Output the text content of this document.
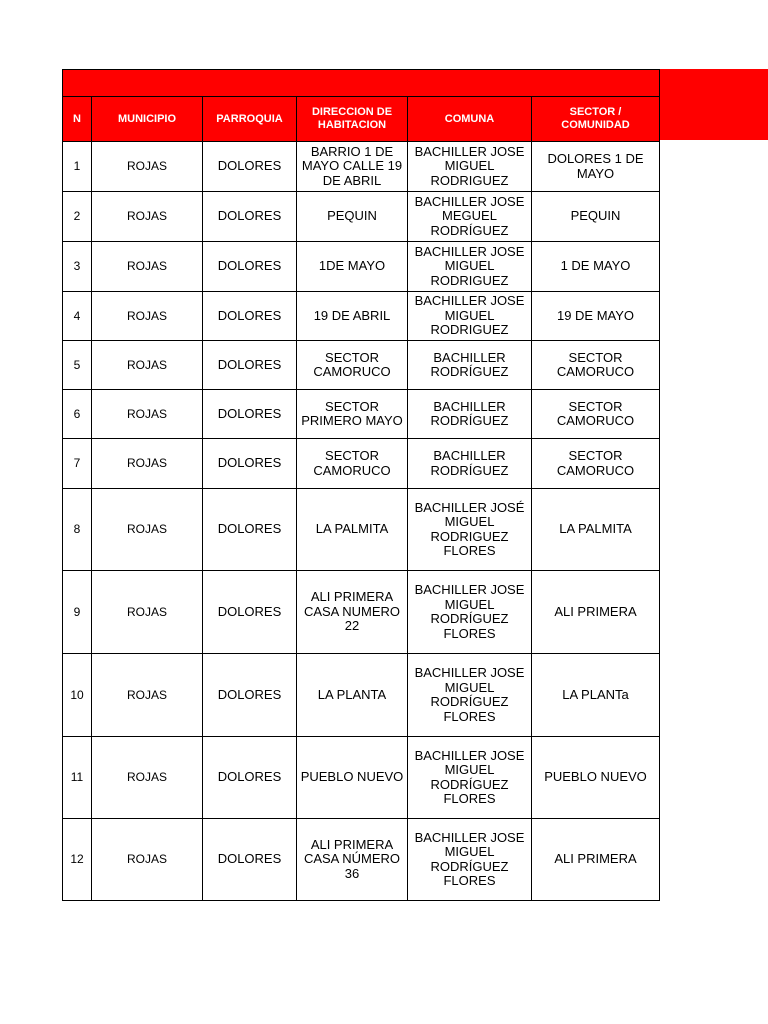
N	MUNICIPIO	PARROQUIA	DIRECCION DE HABITACION	COMUNA	SECTOR / COMUNIDAD
1	ROJAS	DOLORES	BARRIO 1 DE MAYO CALLE 19 DE ABRIL	BACHILLER JOSE MIGUEL RODRIGUEZ	DOLORES 1 DE MAYO
2	ROJAS	DOLORES	PEQUIN	BACHILLER JOSE MEGUEL RODRÍGUEZ	PEQUIN
3	ROJAS	DOLORES	1DE MAYO	BACHILLER JOSE MIGUEL RODRIGUEZ	1 DE MAYO
4	ROJAS	DOLORES	19 DE ABRIL	BACHILLER JOSE MIGUEL RODRIGUEZ	19 DE MAYO
5	ROJAS	DOLORES	SECTOR CAMORUCO	BACHILLER RODRÍGUEZ	SECTOR CAMORUCO
6	ROJAS	DOLORES	SECTOR PRIMERO MAYO	BACHILLER RODRÍGUEZ	SECTOR CAMORUCO
7	ROJAS	DOLORES	SECTOR CAMORUCO	BACHILLER RODRÍGUEZ	SECTOR CAMORUCO
8	ROJAS	DOLORES	LA PALMITA	BACHILLER JOSÉ MIGUEL RODRIGUEZ FLORES	LA PALMITA
9	ROJAS	DOLORES	ALI PRIMERA CASA NUMERO 22	BACHILLER JOSE MIGUEL RODRÍGUEZ FLORES	ALI PRIMERA
10	ROJAS	DOLORES	LA PLANTA	BACHILLER JOSE MIGUEL RODRÍGUEZ FLORES	LA PLANTa
11	ROJAS	DOLORES	PUEBLO NUEVO	BACHILLER JOSE MIGUEL RODRÍGUEZ FLORES	PUEBLO NUEVO
12	ROJAS	DOLORES	ALI PRIMERA CASA NÚMERO 36	BACHILLER JOSE MIGUEL RODRÍGUEZ FLORES	ALI PRIMERA
